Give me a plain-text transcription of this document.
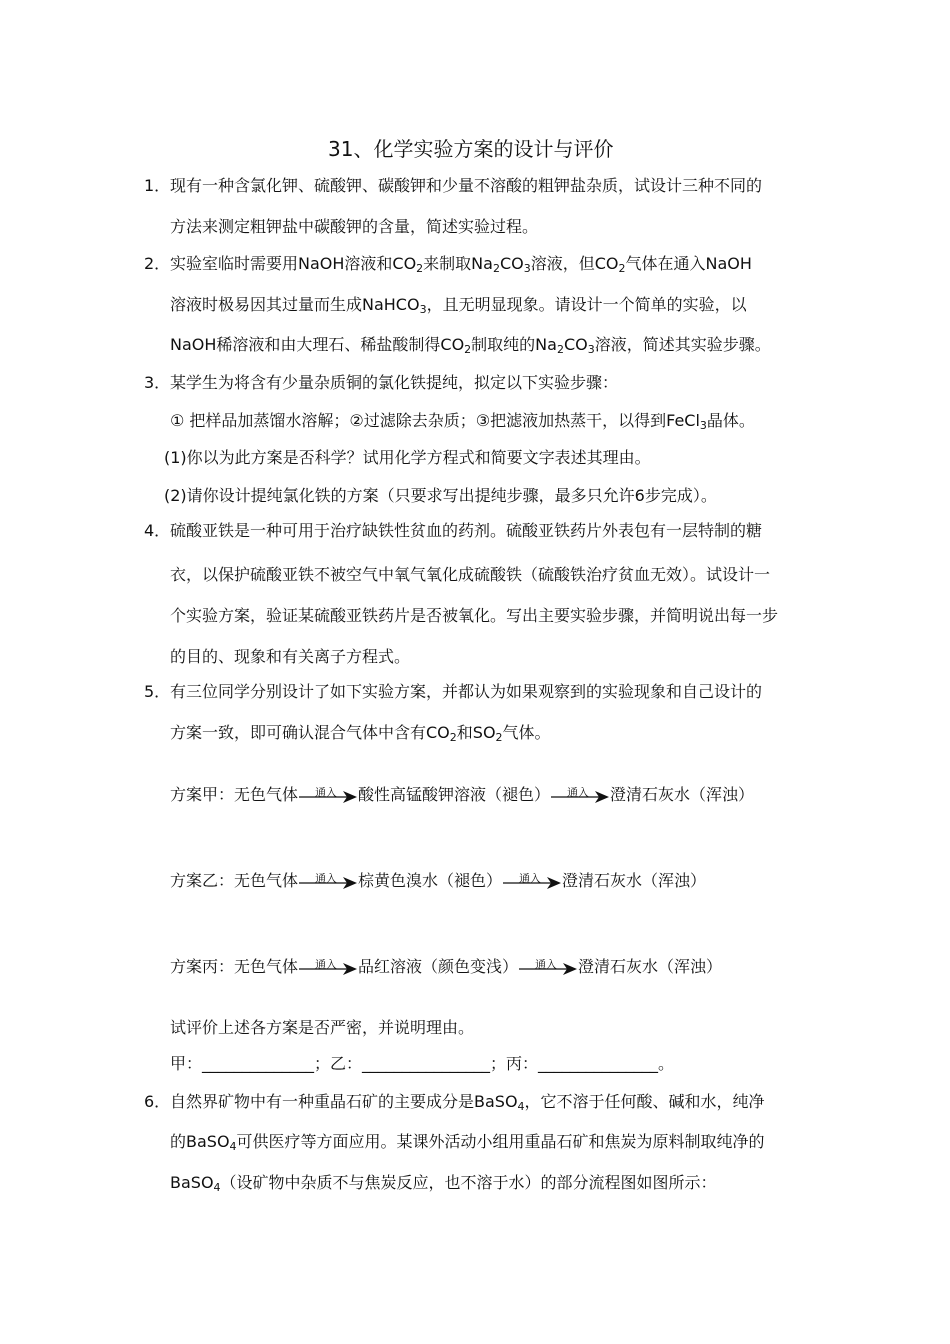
31、化学实验方案的设计与评价
1． 现有一种含氯化钾、硫酸钾、碳酸钾和少量不溶酸的粗钾盐杂质，试设计三种不同的
方法来测定粗钾盐中碳酸钾的含量，简述实验过程。
2． 实验室临时需要用NaOH溶液和$CO_2$来制取$Na_2CO_3$溶液，但$CO_2$气体在通入NaOH
溶液时极易因其过量而生成NaHCO$_3$，且无明显现象。请设计一个简单的实验，以
NaOH稀溶液和由大理石、稀盐酸制得$CO_2$制取纯的$Na_2CO_3$溶液，简述其实验步骤。
3． 某学生为将含有少量杂质铜的氯化铁提纯，拟定以下实验步骤：
① 把样品加蒸馏水溶解；②过滤除去杂质；③把滤液加热蒸干，以得到FeCl$_3$晶体。
(1)你以为此方案是否科学？试用化学方程式和简要文字表述其理由。
(2)请你设计提纯氯化铁的方案（只要求写出提纯步骤，最多只允许6步完成）。
4． 硫酸亚铁是一种可用于治疗缺铁性贫血的药剂。硫酸亚铁药片外表包有一层特制的糖
衣，以保护硫酸亚铁不被空气中氧气氧化成硫酸铁（硫酸铁治疗贫血无效）。试设计一
个实验方案，验证某硫酸亚铁药片是否被氧化。写出主要实验步骤，并简明说出每一步
的目的、现象和有关离子方程式。
5． 有三位同学分别设计了如下实验方案，并都认为如果观察到的实验现象和自己设计的
方案一致，即可确认混合气体中含有$CO_2$和$SO_2$气体。
方案甲：无色气体 通入 酸性高锰酸钾溶液（褪色） 通入 澄清石灰水（浑浊）
方案乙：无色气体 通入 棕黄色溴水（褪色） 通入 澄清石灰水（浑浊）
方案丙：无色气体 通入 品红溶液（颜色变浅） 通入 澄清石灰水（浑浊）
试评价上述各方案是否严密，并说明理由。
甲：______________；乙：________________；丙：_______________。
6． 自然界矿物中有一种重晶石矿的主要成分是BaSO$_4$，它不溶于任何酸、碱和水，纯净
的BaSO$_4$可供医疗等方面应用。某课外活动小组用重晶石矿和焦炭为原料制取纯净的
BaSO$_4$（设矿物中杂质不与焦炭反应，也不溶于水）的部分流程图如图所示：
